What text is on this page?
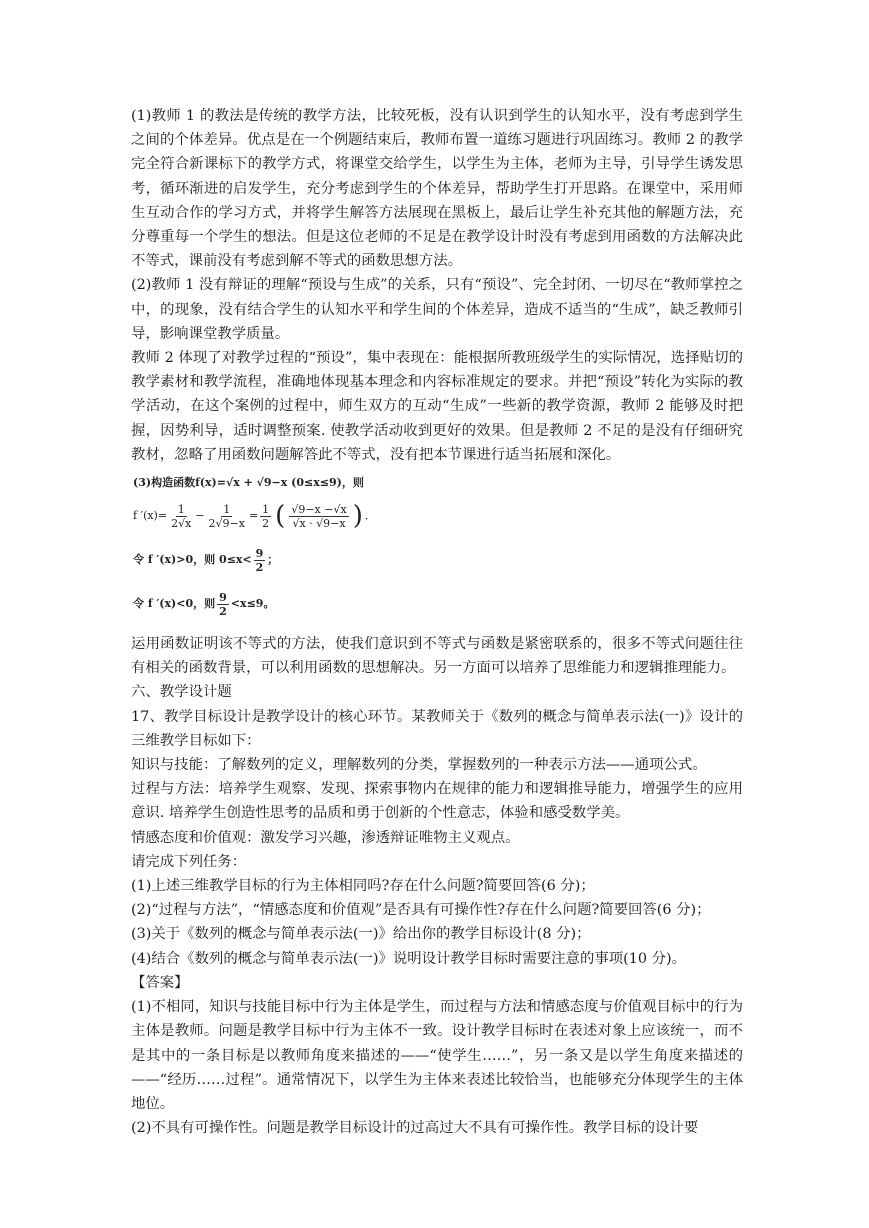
(1)教师 1 的教法是传统的教学方法，比较死板，没有认识到学生的认知水平，没有考虑到学生之间的个体差异。优点是在一个例题结束后，教师布置一道练习题进行巩固练习。教师 2 的教学完全符合新课标下的教学方式，将课堂交给学生，以学生为主体，老师为主导，引导学生诱发思考，循环渐进的启发学生，充分考虑到学生的个体差异，帮助学生打开思路。在课堂中，采用师生互动合作的学习方式，并将学生解答方法展现在黑板上，最后让学生补充其他的解题方法，充分尊重每一个学生的想法。但是这位老师的不足是在教学设计时没有考虑到用函数的方法解决此不等式，课前没有考虑到解不等式的函数思想方法。

(2)教师 1 没有辩证的理解“预设与生成”的关系，只有“预设”、完全封闭、一切尽在“教师掌控之中，的现象，没有结合学生的认知水平和学生间的个体差异，造成不适当的“生成”，缺乏教师引导，影响课堂教学质量。

教师 2 体现了对教学过程的“预设”，集中表现在：能根据所教班级学生的实际情况，选择贴切的教学素材和教学流程，准确地体现基本理念和内容标准规定的要求。并把“预设”转化为实际的教学活动，在这个案例的过程中，师生双方的互动“生成”一些新的教学资源，教师 2 能够及时把握，因势利导，适时调整预案. 使教学活动收到更好的效果。但是教师 2 不足的是没有仔细研究教材，忽略了用函数问题解答此不等式，没有把本节课进行适当拓展和深化。

(3)构造函数f(x)=√x + √9−x (0≤x≤9)，则
f $'(x)= \frac{1}{2√x} - \frac{1}{2√9-x} = \frac{1}{2}$ ( $\frac{√9-x -√x}{√x \cdot √9-x}$ ) ．
令 f ′(x)>0，则 $0\le x< \frac{9}{2}$ ；
令 f ′(x)<0，则 $\frac{9}{2} <x\le 9$。

运用函数证明该不等式的方法，使我们意识到不等式与函数是紧密联系的，很多不等式问题往往有相关的函数背景，可以利用函数的思想解决。另一方面可以培养了思维能力和逻辑推理能力。

六、教学设计题

17、教学目标设计是教学设计的核心环节。某教师关于《数列的概念与简单表示法(一)》设计的三维教学目标如下：

知识与技能：了解数列的定义，理解数列的分类，掌握数列的一种表示方法——通项公式。

过程与方法：培养学生观察、发现、探索事物内在规律的能力和逻辑推导能力，增强学生的应用意识. 培养学生创造性思考的品质和勇于创新的个性意志，体验和感受数学美。

情感态度和价值观：激发学习兴趣，渗透辩证唯物主义观点。

请完成下列任务：

(1)上述三维教学目标的行为主体相同吗?存在什么问题?简要回答(6 分)；

(2)“过程与方法”，“情感态度和价值观”是否具有可操作性?存在什么问题?简要回答(6 分)；

(3)关于《数列的概念与简单表示法(一)》给出你的教学目标设计(8 分)；

(4)结合《数列的概念与简单表示法(一)》说明设计教学目标时需要注意的事项(10 分)。

【答案】

(1)不相同，知识与技能目标中行为主体是学生，而过程与方法和情感态度与价值观目标中的行为主体是教师。问题是教学目标中行为主体不一致。设计教学目标时在表述对象上应该统一，而不是其中的一条目标是以教师角度来描述的——“使学生……”，另一条又是以学生角度来描述的——“经历……过程”。通常情况下，以学生为主体来表述比较恰当，也能够充分体现学生的主体地位。

(2)不具有可操作性。问题是教学目标设计的过高过大不具有可操作性。教学目标的设计要
